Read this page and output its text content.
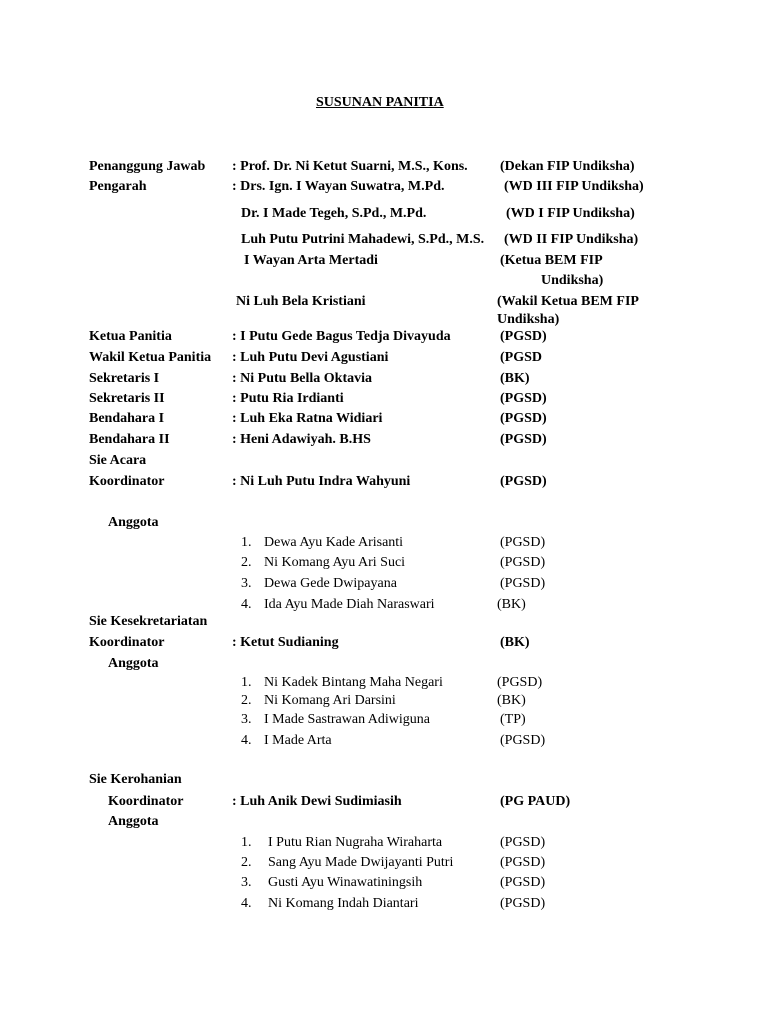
SUSUNAN PANITIA
Penanggung Jawab : Prof. Dr. Ni Ketut Suarni, M.S., Kons. (Dekan FIP Undiksha)
Pengarah	: Drs. Ign. I Wayan Suwatra, M.Pd.	(WD III FIP Undiksha)
Dr. I Made Tegeh, S.Pd., M.Pd.	(WD I FIP Undiksha)
Luh Putu Putrini Mahadewi, S.Pd., M.S. (WD II FIP Undiksha)
I Wayan Arta Mertadi	(Ketua BEM FIP
Undiksha)
Ni Luh Bela Kristiani	(Wakil Ketua BEM FIP
Undiksha)
Ketua Panitia	: I Putu Gede Bagus Tedja Divayuda	(PGSD)
Wakil Ketua Panitia : Luh Putu Devi Agustiani	(PGSD
Sekretaris I	: Ni Putu Bella Oktavia	(BK)
Sekretaris II	: Putu Ria Irdianti	(PGSD)
Bendahara I	: Luh Eka Ratna Widiari	(PGSD)
Bendahara II	: Heni Adawiyah. B.HS	(PGSD)
Sie Acara
Koordinator	: Ni Luh Putu Indra Wahyuni	(PGSD)
Anggota
1. Dewa Ayu Kade Arisanti	(PGSD)
2. Ni Komang Ayu Ari Suci	(PGSD)
3. Dewa Gede Dwipayana	(PGSD)
4. Ida Ayu Made Diah Naraswari	(BK)
Sie Kesekretariatan
Koordinator	: Ketut Sudianing	(BK)
Anggota
1. Ni Kadek Bintang Maha Negari	(PGSD)
2. Ni Komang Ari Darsini	(BK)
3. I Made Sastrawan Adiwiguna	(TP)
4. I Made Arta	(PGSD)
Sie Kerohanian
Koordinator	: Luh Anik Dewi Sudimiasih	(PG PAUD)
Anggota
1. I Putu Rian Nugraha Wiraharta	(PGSD)
2. Sang Ayu Made Dwijayanti Putri	(PGSD)
3. Gusti Ayu Winawatiningsih	(PGSD)
4. Ni Komang Indah Diantari	(PGSD)
